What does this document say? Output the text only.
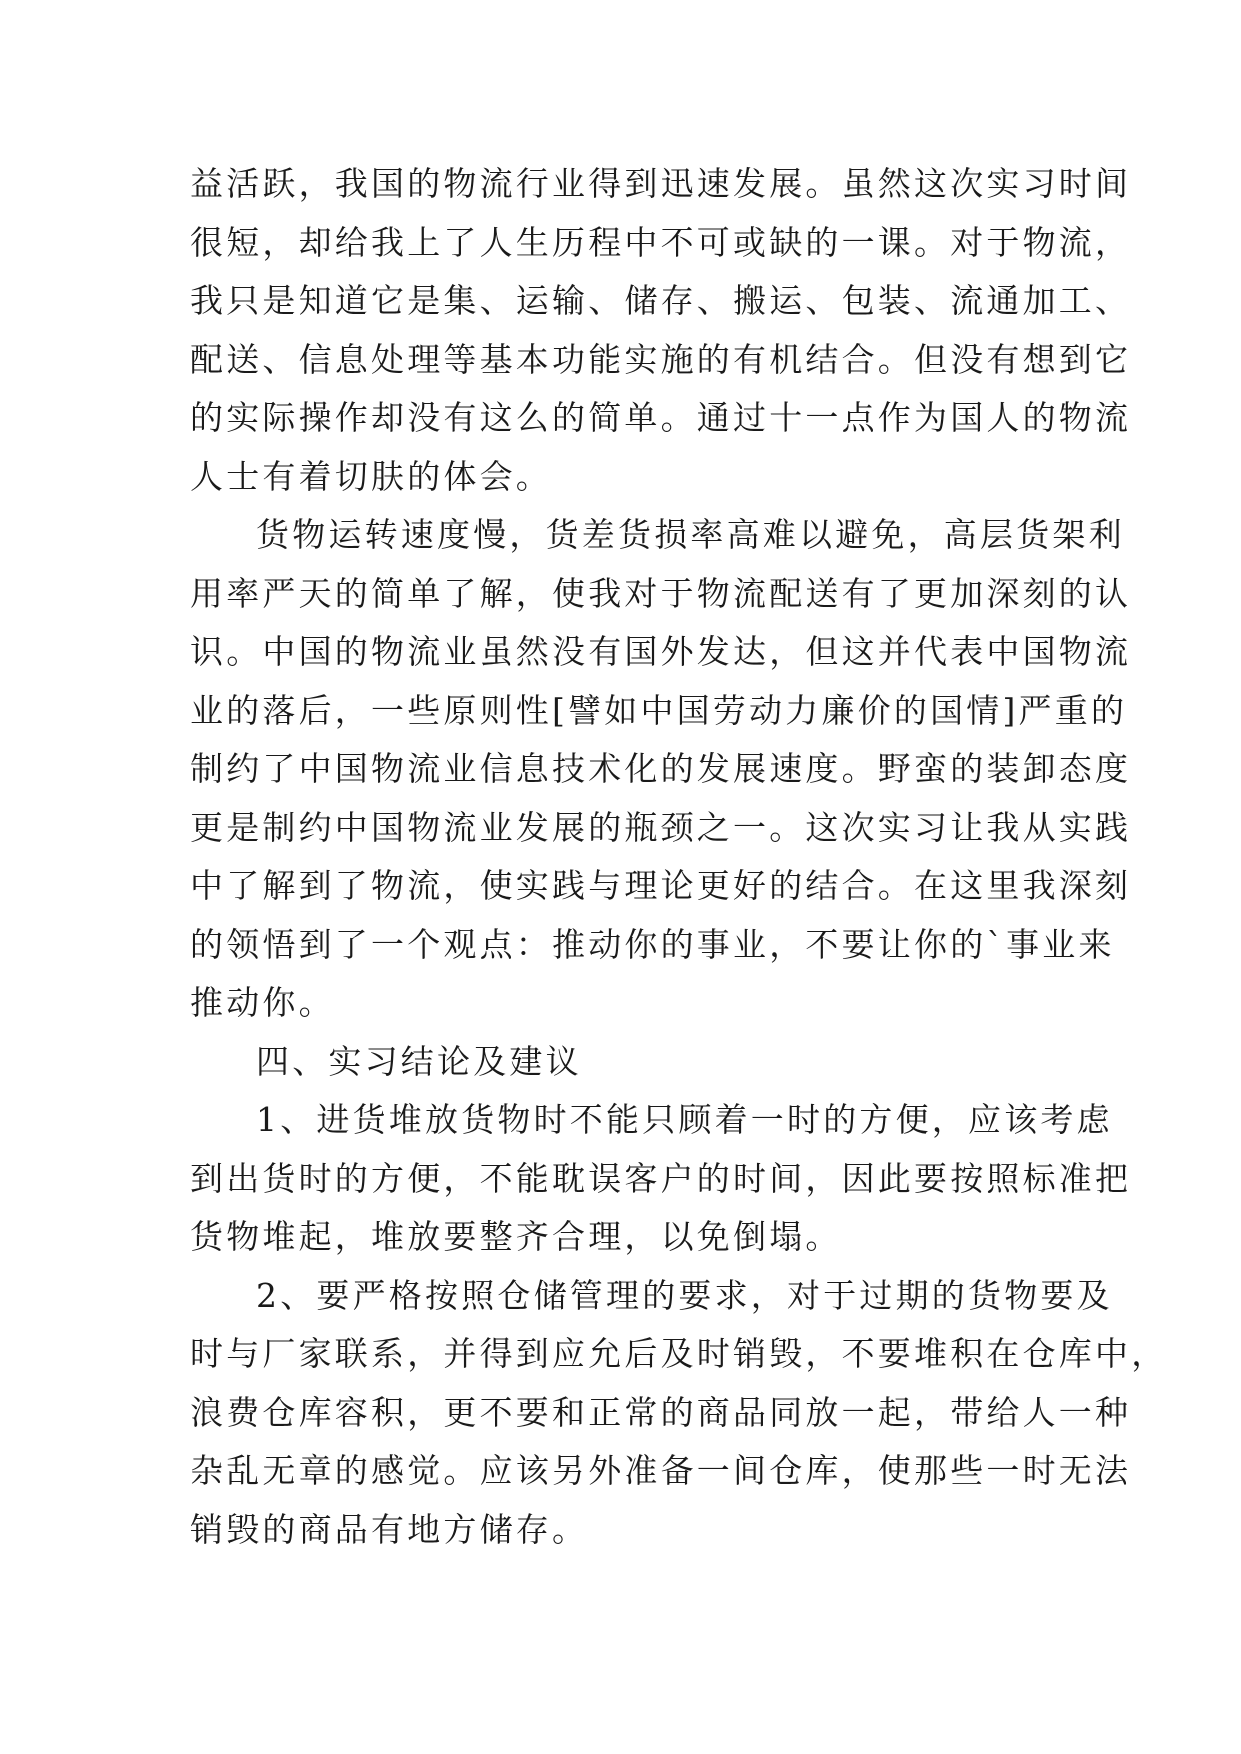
益活跃，我国的物流行业得到迅速发展。虽然这次实习时间
很短，却给我上了人生历程中不可或缺的一课。对于物流，
我只是知道它是集、运输、储存、搬运、包装、流通加工、
配送、信息处理等基本功能实施的有机结合。但没有想到它
的实际操作却没有这么的简单。通过十一点作为国人的物流
人士有着切肤的体会。
货物运转速度慢，货差货损率高难以避免，高层货架利
用率严天的简单了解，使我对于物流配送有了更加深刻的认
识。中国的物流业虽然没有国外发达，但这并代表中国物流
业的落后，一些原则性[譬如中国劳动力廉价的国情]严重的
制约了中国物流业信息技术化的发展速度。野蛮的装卸态度
更是制约中国物流业发展的瓶颈之一。这次实习让我从实践
中了解到了物流，使实践与理论更好的结合。在这里我深刻
的领悟到了一个观点：推动你的事业，不要让你的`事业来
推动你。
四、实习结论及建议
1、进货堆放货物时不能只顾着一时的方便，应该考虑
到出货时的方便，不能耽误客户的时间，因此要按照标准把
货物堆起，堆放要整齐合理，以免倒塌。
2、要严格按照仓储管理的要求，对于过期的货物要及
时与厂家联系，并得到应允后及时销毁，不要堆积在仓库中，
浪费仓库容积，更不要和正常的商品同放一起，带给人一种
杂乱无章的感觉。应该另外准备一间仓库，使那些一时无法
销毁的商品有地方储存。
